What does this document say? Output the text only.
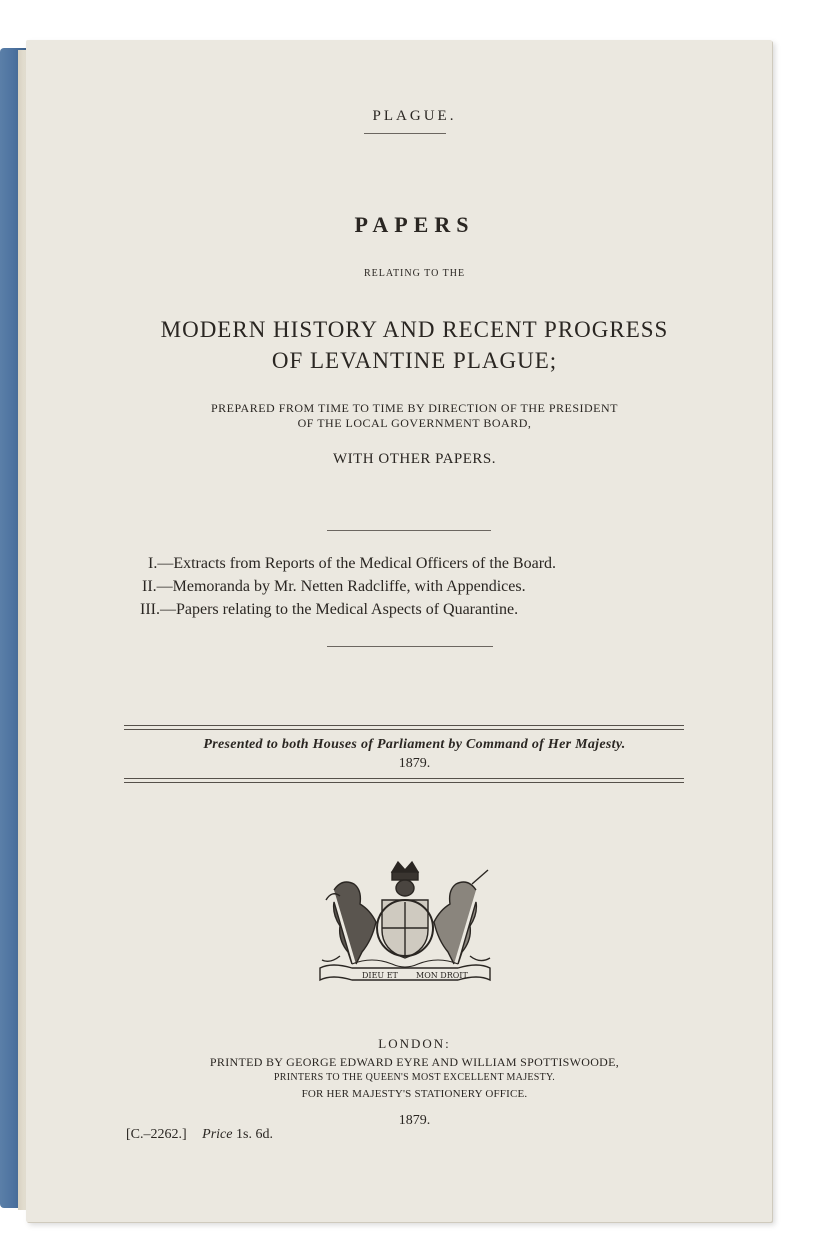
PLAGUE.
PAPERS
RELATING TO THE
MODERN HISTORY AND RECENT PROGRESS
OF LEVANTINE PLAGUE;
PREPARED FROM TIME TO TIME BY DIRECTION OF THE PRESIDENT
OF THE LOCAL GOVERNMENT BOARD,
WITH OTHER PAPERS.
I.—Extracts from Reports of the Medical Officers of the Board.
II.—Memoranda by Mr. Netten Radcliffe, with Appendices.
III.—Papers relating to the Medical Aspects of Quarantine.
Presented to both Houses of Parliament by Command of Her Majesty.
1879.
DIEU ET MON DROIT
LONDON:
PRINTED BY GEORGE EDWARD EYRE AND WILLIAM SPOTTISWOODE,
PRINTERS TO THE QUEEN'S MOST EXCELLENT MAJESTY.
FOR HER MAJESTY'S STATIONERY OFFICE.
1879.
[C.–2262.] Price 1s. 6d.
